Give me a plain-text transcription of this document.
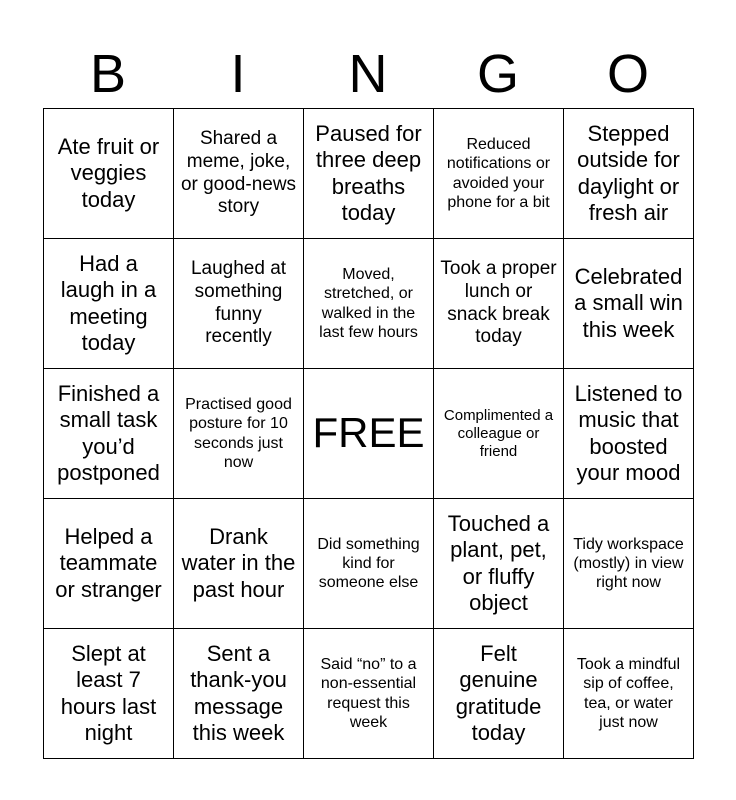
B	I	N	G	O
Ate fruit or veggies today	Shared a meme, joke, or good-news story	Paused for three deep breaths today	Reduced notifications or avoided your phone for a bit	Stepped outside for daylight or fresh air
Had a laugh in a meeting today	Laughed at something funny recently	Moved, stretched, or walked in the last few hours	Took a proper lunch or snack break today	Celebrated a small win this week
Finished a small task you’d postponed	Practised good posture for 10 seconds just now	FREE	Complimented a colleague or friend	Listened to music that boosted your mood
Helped a teammate or stranger	Drank water in the past hour	Did something kind for someone else	Touched a plant, pet, or fluffy object	Tidy workspace (mostly) in view right now
Slept at least 7 hours last night	Sent a thank-you message this week	Said “no” to a non-essential request this week	Felt genuine gratitude today	Took a mindful sip of coffee, tea, or water just now
